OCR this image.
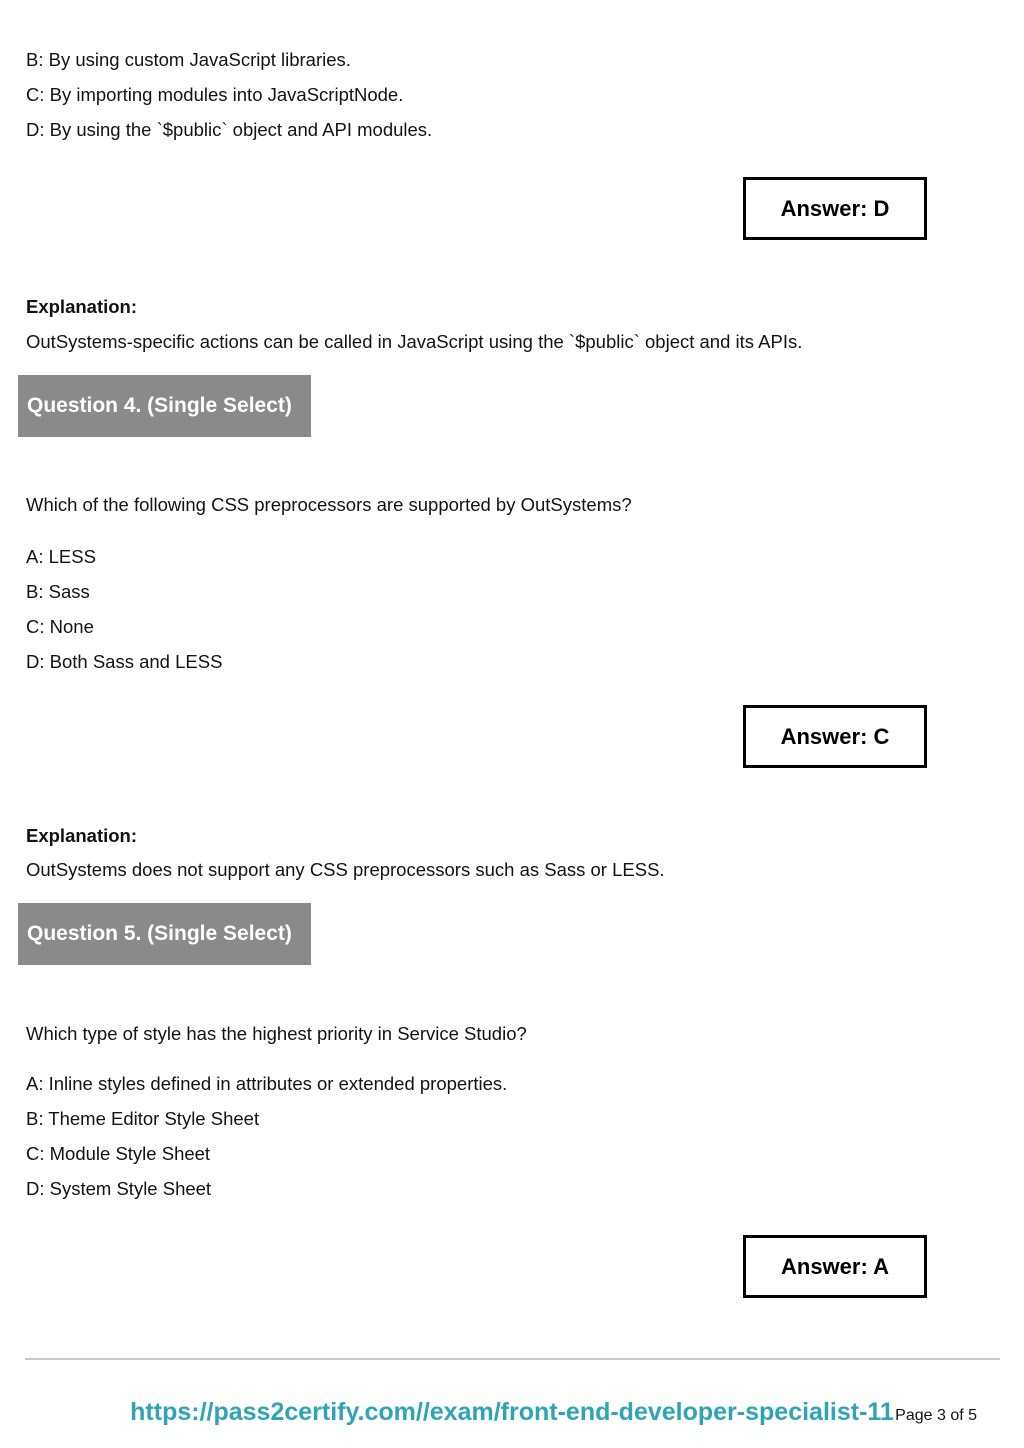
B: By using custom JavaScript libraries.
C: By importing modules into JavaScriptNode.
D: By using the `$public` object and API modules.
Answer: D
Explanation:
OutSystems-specific actions can be called in JavaScript using the `$public` object and its APIs.
Question 4. (Single Select)
Which of the following CSS preprocessors are supported by OutSystems?
A: LESS
B: Sass
C: None
D: Both Sass and LESS
Answer: C
Explanation:
OutSystems does not support any CSS preprocessors such as Sass or LESS.
Question 5. (Single Select)
Which type of style has the highest priority in Service Studio?
A: Inline styles defined in attributes or extended properties.
B: Theme Editor Style Sheet
C: Module Style Sheet
D: System Style Sheet
Answer: A
https://pass2certify.com//exam/front-end-developer-specialist-11 Page 3 of 5
